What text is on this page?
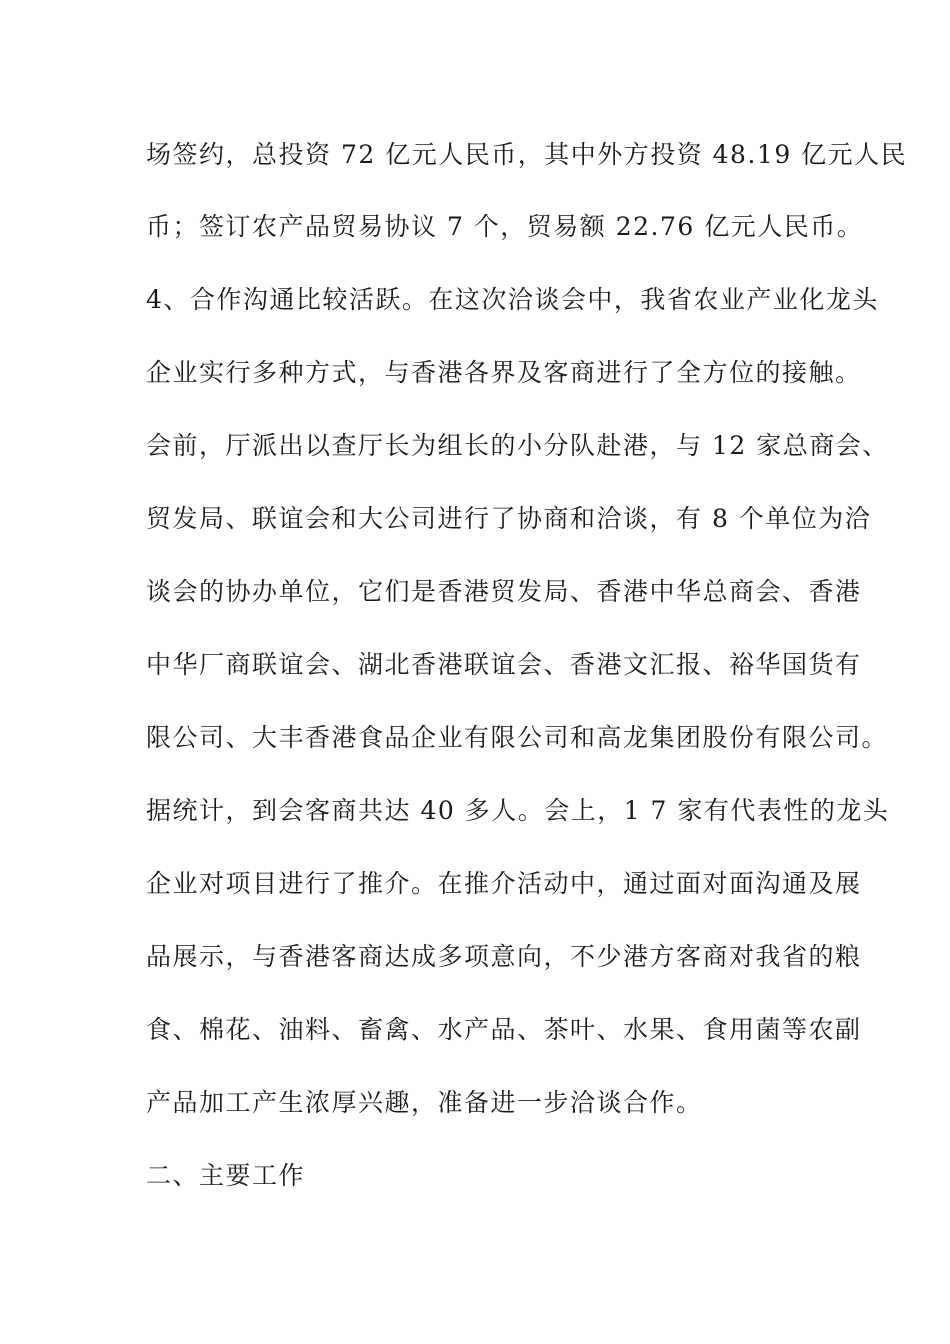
场签约，总投资 72 亿元人民币，其中外方投资 48.19 亿元人民
币；签订农产品贸易协议 7 个，贸易额 22.76 亿元人民币。
4、合作沟通比较活跃。在这次洽谈会中，我省农业产业化龙头
企业实行多种方式，与香港各界及客商进行了全方位的接触。
会前，厅派出以查厅长为组长的小分队赴港，与 12 家总商会、
贸发局、联谊会和大公司进行了协商和洽谈，有 8 个单位为洽
谈会的协办单位，它们是香港贸发局、香港中华总商会、香港
中华厂商联谊会、湖北香港联谊会、香港文汇报、裕华国货有
限公司、大丰香港食品企业有限公司和高龙集团股份有限公司。
据统计，到会客商共达 40 多人。会上，1 7 家有代表性的龙头
企业对项目进行了推介。在推介活动中，通过面对面沟通及展
品展示，与香港客商达成多项意向，不少港方客商对我省的粮
食、棉花、油料、畜禽、水产品、茶叶、水果、食用菌等农副
产品加工产生浓厚兴趣，准备进一步洽谈合作。
二、主要工作
